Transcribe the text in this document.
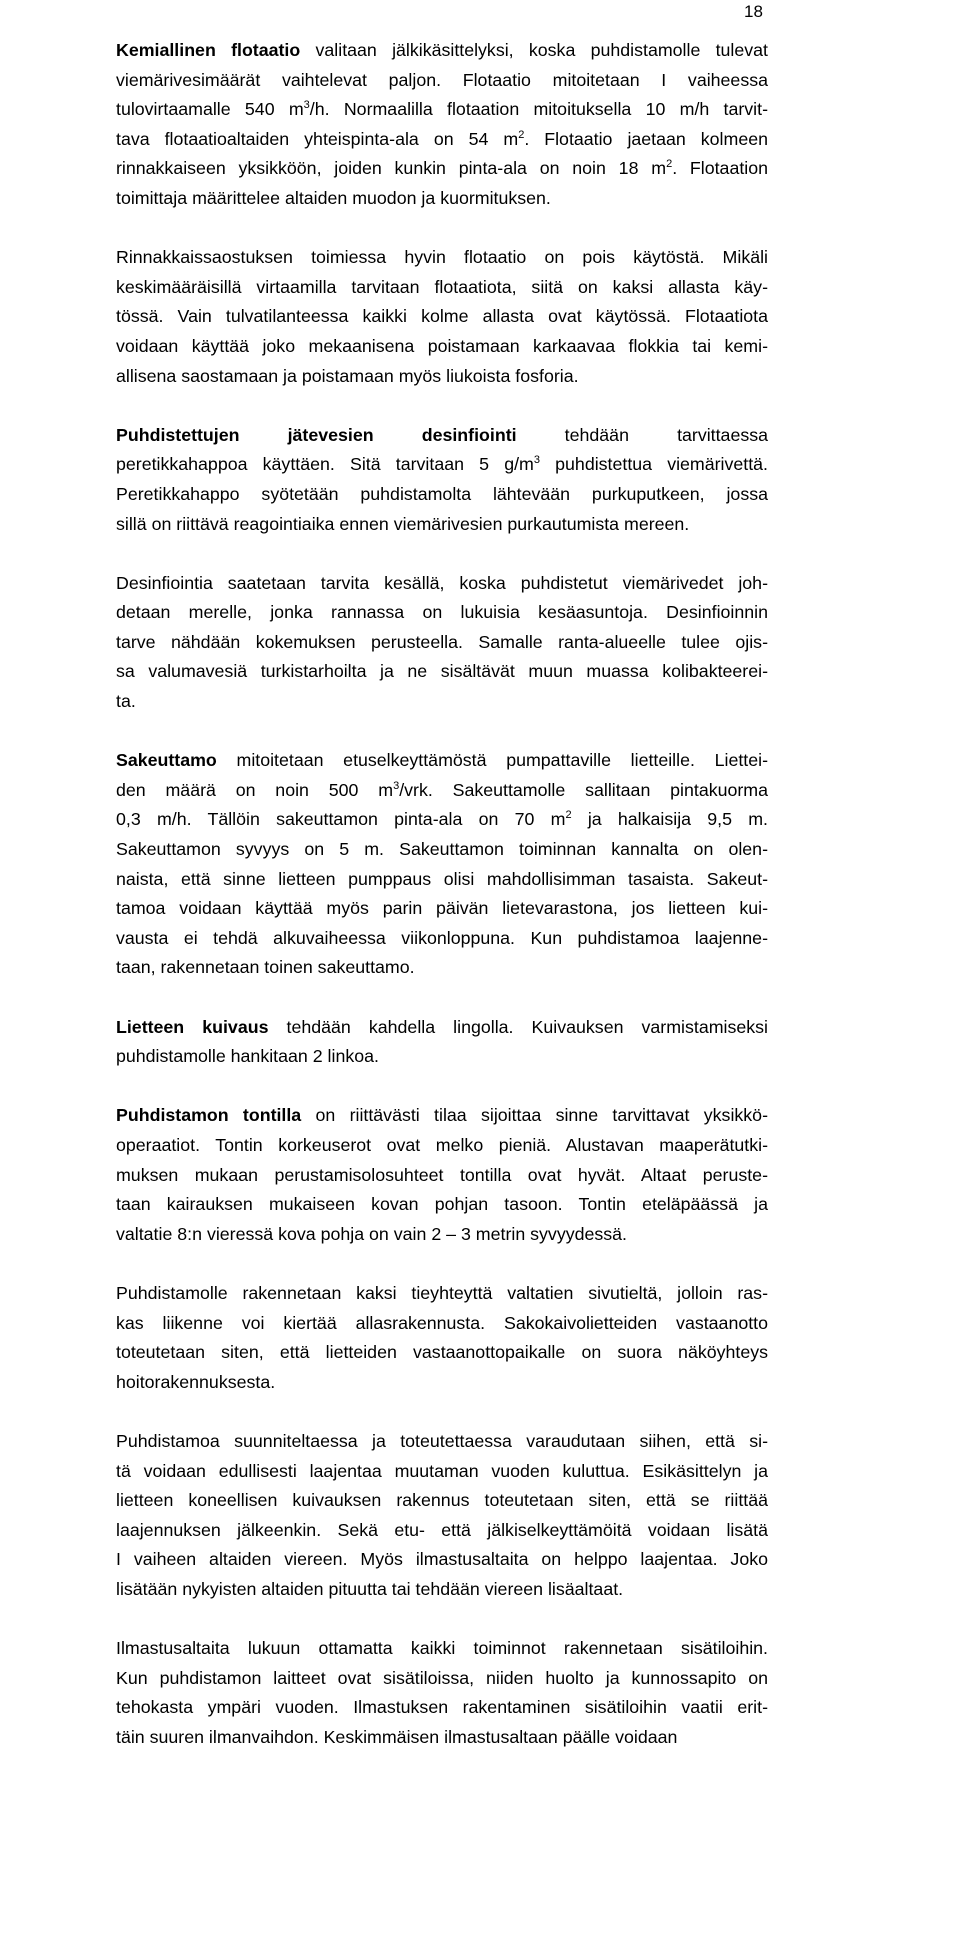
18
Kemiallinen flotaatio valitaan jälkikäsittelyksi, koska puhdistamolle tulevat
viemärivesimäärät vaihtelevat paljon. Flotaatio mitoitetaan I vaiheessa
tulovirtaamalle 540 $m^3/h$. Normaalilla flotaation mitoituksella 10 m/h tarvit-
tava flotaatioaltaiden yhteispinta-ala on 54 $m^2$. Flotaatio jaetaan kolmeen
rinnakkaiseen yksikköön, joiden kunkin pinta-ala on noin 18 $m^2$. Flotaation
toimittaja määrittelee altaiden muodon ja kuormituksen.
Rinnakkaissaostuksen toimiessa hyvin flotaatio on pois käytöstä. Mikäli
keskimääräisillä virtaamilla tarvitaan flotaatiota, siitä on kaksi allasta käy-
tössä. Vain tulvatilanteessa kaikki kolme allasta ovat käytössä. Flotaatiota
voidaan käyttää joko mekaanisena poistamaan karkaavaa flokkia tai kemi-
allisena saostamaan ja poistamaan myös liukoista fosforia.
Puhdistettujen jätevesien desinfiointi tehdään tarvittaessa
peretikkahappoa käyttäen. Sitä tarvitaan 5 $g/m^3$ puhdistettua viemärivettä.
Peretikkahappo syötetään puhdistamolta lähtevään purkuputkeen, jossa
sillä on riittävä reagointiaika ennen viemärivesien purkautumista mereen.
Desinfiointia saatetaan tarvita kesällä, koska puhdistetut viemärivedet joh-
detaan merelle, jonka rannassa on lukuisia kesäasuntoja. Desinfioinnin
tarve nähdään kokemuksen perusteella. Samalle ranta-alueelle tulee ojis-
sa valumavesiä turkistarhoilta ja ne sisältävät muun muassa kolibakteerei-
ta.
Sakeuttamo mitoitetaan etuselkeyttämöstä pumpattaville lietteille. Liettei-
den määrä on noin 500 $m^3$/vrk. Sakeuttamolle sallitaan pintakuorma
0,3 m/h. Tällöin sakeuttamon pinta-ala on 70 $m^2$ ja halkaisija 9,5 m.
Sakeuttamon syvyys on 5 m. Sakeuttamon toiminnan kannalta on olen-
naista, että sinne lietteen pumppaus olisi mahdollisimman tasaista. Sakeut-
tamoa voidaan käyttää myös parin päivän lietevarastona, jos lietteen kui-
vausta ei tehdä alkuvaiheessa viikonloppuna. Kun puhdistamoa laajenne-
taan, rakennetaan toinen sakeuttamo.
Lietteen kuivaus tehdään kahdella lingolla. Kuivauksen varmistamiseksi
puhdistamolle hankitaan 2 linkoa.
Puhdistamon tontilla on riittävästi tilaa sijoittaa sinne tarvittavat yksikkö-
operaatiot. Tontin korkeuserot ovat melko pieniä. Alustavan maaperätutki-
muksen mukaan perustamisolosuhteet tontilla ovat hyvät. Altaat peruste-
taan kairauksen mukaiseen kovan pohjan tasoon. Tontin eteläpäässä ja
valtatie 8:n vieressä kova pohja on vain 2 – 3 metrin syvyydessä.
Puhdistamolle rakennetaan kaksi tieyhteyttä valtatien sivutieltä, jolloin ras-
kas liikenne voi kiertää allasrakennusta. Sakokaivolietteiden vastaanotto
toteutetaan siten, että lietteiden vastaanottopaikalle on suora näköyhteys
hoitorakennuksesta.
Puhdistamoa suunniteltaessa ja toteutettaessa varaudutaan siihen, että si-
tä voidaan edullisesti laajentaa muutaman vuoden kuluttua. Esikäsittelyn ja
lietteen koneellisen kuivauksen rakennus toteutetaan siten, että se riittää
laajennuksen jälkeenkin. Sekä etu- että jälkiselkeyttämöitä voidaan lisätä
I vaiheen altaiden viereen. Myös ilmastusaltaita on helppo laajentaa. Joko
lisätään nykyisten altaiden pituutta tai tehdään viereen lisäaltaat.
Ilmastusaltaita lukuun ottamatta kaikki toiminnot rakennetaan sisätiloihin.
Kun puhdistamon laitteet ovat sisätiloissa, niiden huolto ja kunnossapito on
tehokasta ympäri vuoden. Ilmastuksen rakentaminen sisätiloihin vaatii erit-
täin suuren ilmanvaihdon. Keskimmäisen ilmastusaltaan päälle voidaan
